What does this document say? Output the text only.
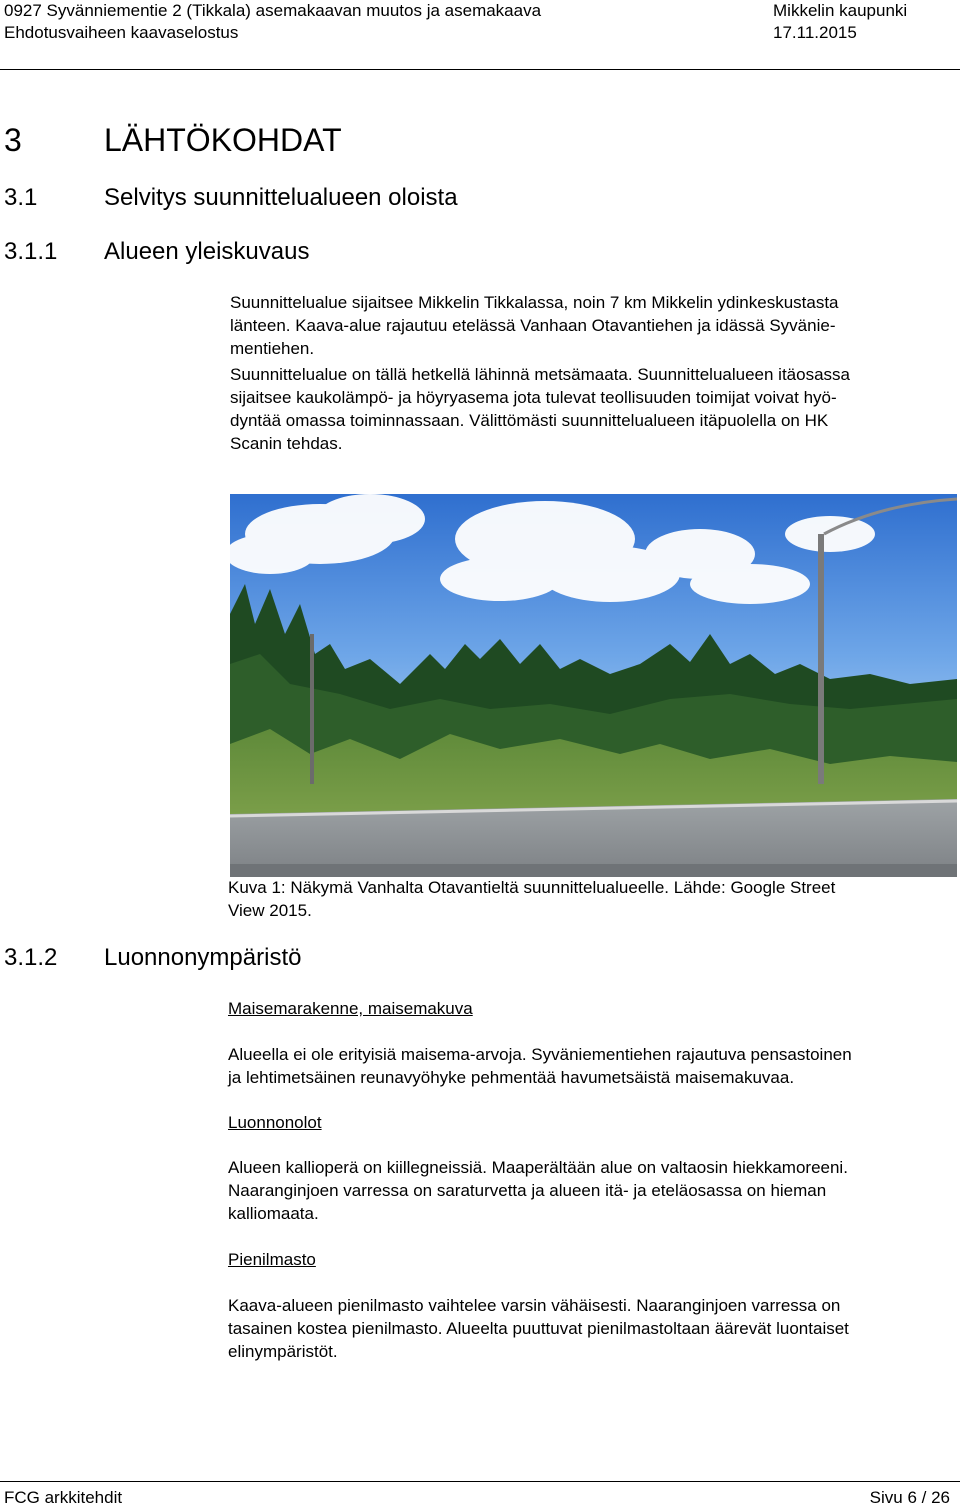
0927 Syvänniementie 2 (Tikkala) asemakaavan muutos ja asemakaava
Ehdotusvaiheen kaavaselostus
Mikkelin kaupunki
17.11.2015
3	LÄHTÖKOHDAT
3.1	Selvitys suunnittelualueen oloista
3.1.1 Alueen yleiskuvaus
Suunnittelualue sijaitsee Mikkelin Tikkalassa, noin 7 km Mikkelin ydinkeskustasta
länteen. Kaava-alue rajautuu etelässä Vanhaan Otavantiehen ja idässä Syvänie-
mentiehen.
Suunnittelualue on tällä hetkellä lähinnä metsämaata. Suunnittelualueen itäosassa
sijaitsee kaukolämpö- ja höyryasema jota tulevat teollisuuden toimijat voivat hyö-
dyntää omassa toiminnassaan. Välittömästi suunnittelualueen itäpuolella on HK
Scanin tehdas.
Kuva 1: Näkymä Vanhalta Otavantieltä suunnittelualueelle. Lähde: Google Street
View 2015.
3.1.2 Luonnonympäristö
Maisemarakenne, maisemakuva
Alueella ei ole erityisiä maisema-arvoja. Syväniementiehen rajautuva pensastoinen
ja lehtimetsäinen reunavyöhyke pehmentää havumetsäistä maisemakuvaa.
Luonnonolot
Alueen kallioperä on kiillegneissiä. Maaperältään alue on valtaosin hiekkamoreeni.
Naaranginjoen varressa on saraturvetta ja alueen itä- ja eteläosassa on hieman
kalliomaata.
Pienilmasto
Kaava-alueen pienilmasto vaihtelee varsin vähäisesti. Naaranginjoen varressa on
tasainen kostea pienilmasto. Alueelta puuttuvat pienilmastoltaan äärevät luontaiset
elinympäristöt.
FCG arkkitehdit	Sivu 6 / 26
